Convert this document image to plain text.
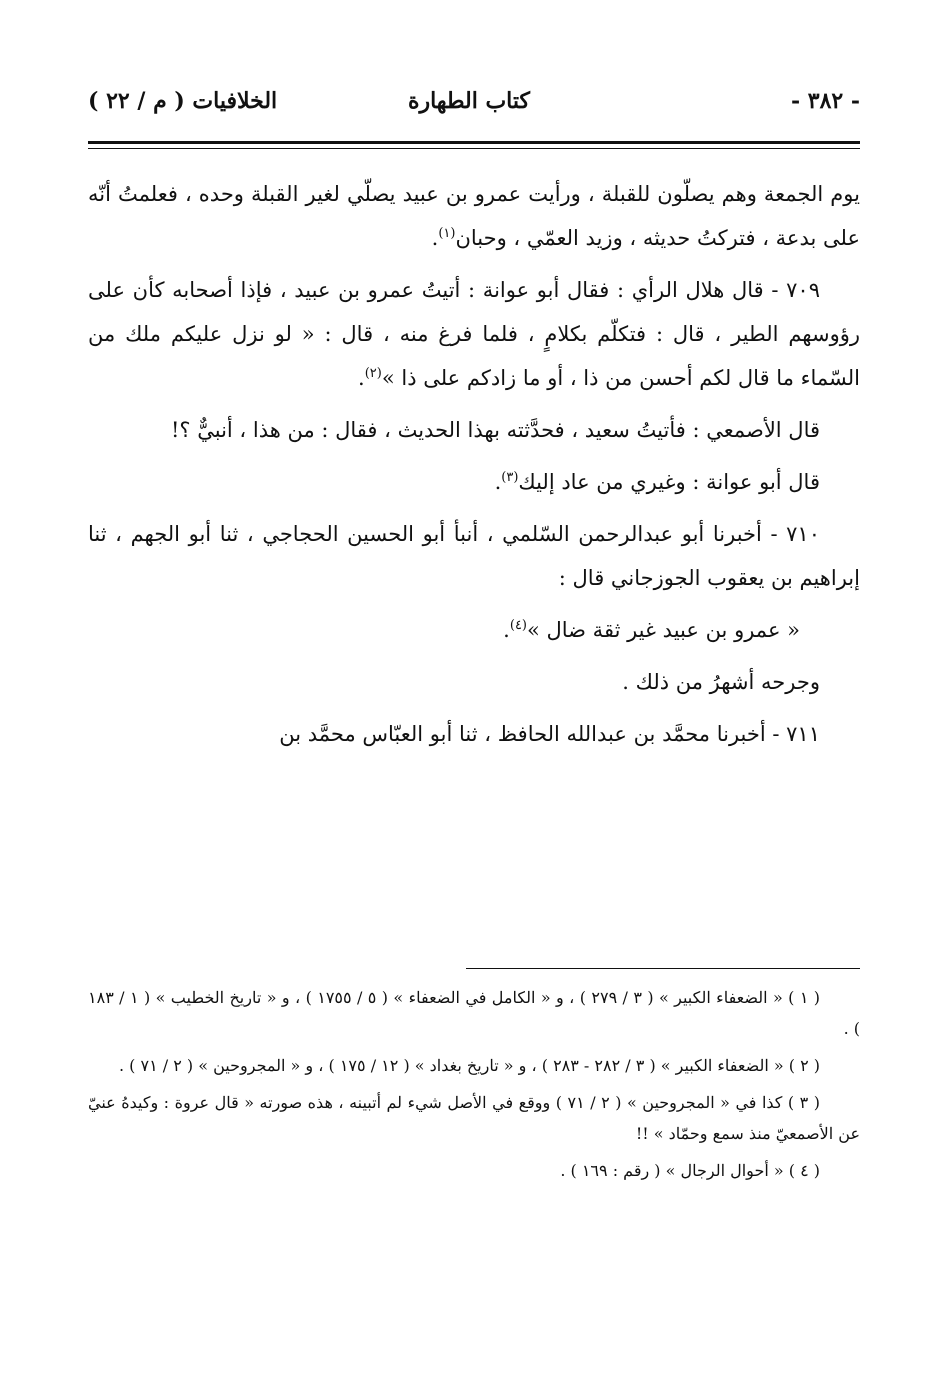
- ٣٨٢ -
كتاب الطهارة
الخلافيات ( م / ٢٢ )

يوم الجمعة وهم يصلّون للقبلة ، ورأيت عمرو بن عبيد يصلّي لغير القبلة وحده ، فعلمتُ أنّه على بدعة ، فتركتُ حديثه ، وزيد العمّي ، وحبان$^{(١)}$.

٧٠٩ - قال هلال الرأي : فقال أبو عوانة : أتيتُ عمرو بن عبيد ، فإذا أصحابه كأن على رؤوسهم الطير ، قال : فتكلّم بكلامٍ ، فلما فرغ منه ، قال : « لو نزل عليكم ملك من السّماء ما قال لكم أحسن من ذا ، أو ما زادكم على ذا »$^{(٢)}$.

قال الأصمعي : فأتيتُ سعيد ، فحدَّثته بهذا الحديث ، فقال : من هذا ، أنبيٌّ ؟!

قال أبو عوانة : وغيري من عاد إليك$^{(٣)}$.

٧١٠ - أخبرنا أبو عبدالرحمن السّلمي ، أنبأ أبو الحسين الحجاجي ، ثنا أبو الجهم ، ثنا إبراهيم بن يعقوب الجوزجاني قال :

« عمرو بن عبيد غير ثقة ضال »$^{(٤)}$.

وجرحه أشهرُ من ذلك .

٧١١ - أخبرنا محمَّد بن عبدالله الحافظ ، ثنا أبو العبّاس محمَّد بن

( ١ ) « الضعفاء الكبير » ( ٣ / ٢٧٩ ) ، و « الكامل في الضعفاء » ( ٥ / ١٧٥٥ ) ، و « تاريخ الخطيب » ( ١ / ١٨٣ ) .

( ٢ ) « الضعفاء الكبير » ( ٣ / ٢٨٢ - ٢٨٣ ) ، و « تاريخ بغداد » ( ١٢ / ١٧٥ ) ، و « المجروحين » ( ٢ / ٧١ ) .

( ٣ ) كذا في « المجروحين » ( ٢ / ٧١ ) ووقع في الأصل شيء لم أتبينه ، هذه صورته « قال عروة : وكيدهُ عنيّ عن الأصمعيّ منذ سمع وحمّاد » !!

( ٤ ) « أحوال الرجال » ( رقم : ١٦٩ ) .
